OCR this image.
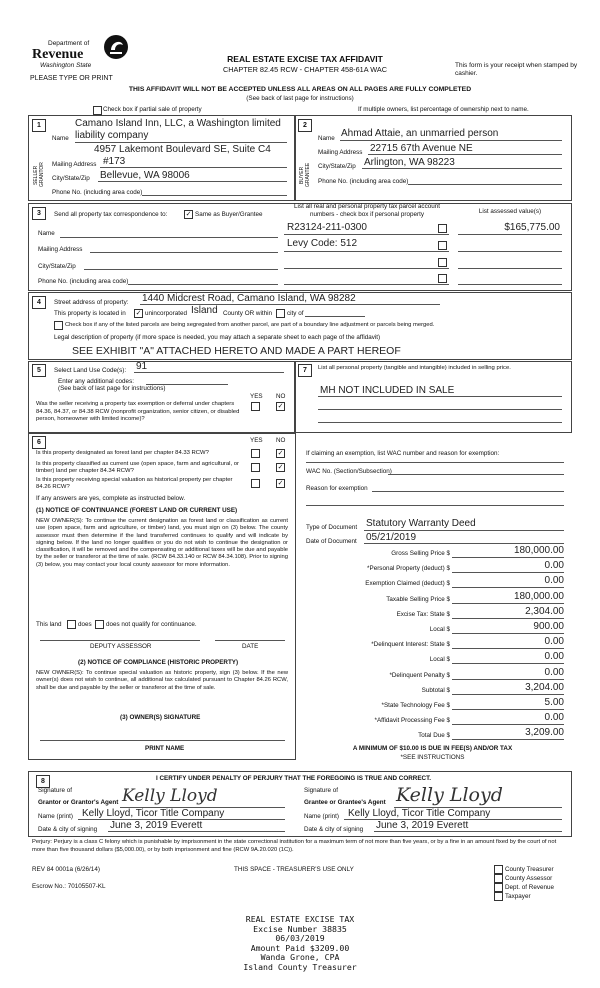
Department of
Revenue
Washington State
PLEASE TYPE OR PRINT
REAL ESTATE EXCISE TAX AFFIDAVIT
CHAPTER 82.45 RCW - CHAPTER 458-61A WAC	This form is your receipt when stamped by cashier.
THIS AFFIDAVIT WILL NOT BE ACCEPTED UNLESS ALL AREAS ON ALL PAGES ARE FULLY COMPLETED
(See back of last page for instructions)
Check box if partial sale of property	If multiple owners, list percentage of ownership next to name.
1	2
SELLER GRANTOR
Name
Camano Island Inn, LLC, a Washington limited
liability company
4957 Lakemont Boulevard SE, Suite C4
Mailing Address #173
City/State/Zip Bellevue, WA 98006
Phone No. (including area code)
BUYER GRANTEE
Name Ahmad Attaie, an unmarried person
Mailing Address 22715 67th Avenue NE
City/State/Zip Arlington, WA 98223
Phone No. (including area code)
3	Send all property tax correspondence to:	✓ Same as Buyer/Grantee
Name
Mailing Address
City/State/Zip
Phone No. (including area code)
List all real and personal property tax parcel account numbers - check box if personal property	List assessed value(s)
R23124-211-0300	$165,775.00
Levy Code: 512
4	Street address of property: 1440 Midcrest Road, Camano Island, WA 98282
This property is located in ✓ unincorporated Island County OR within city of
Check box if any of the listed parcels are being segregated from another parcel, are part of a boundary line adjustment or parcels being merged.
Legal description of property (if more space is needed, you may attach a separate sheet to each page of the affidavit)
SEE EXHIBIT "A" ATTACHED HERETO AND MADE A PART HEREOF
5	Select Land Use Code(s): 91
Enter any additional codes:
(See back of last page for instructions)
YES NO
Was the seller receiving a property tax exemption or deferral under chapters 84.36, 84.37, or 84.38 RCW (nonprofit organization, senior citizen, or disabled person, homeowner with limited income)?
✓
7	List all personal property (tangible and intangible) included in selling price.
MH NOT INCLUDED IN SALE
6	YES NO
Is this property designated as forest land per chapter 84.33 RCW?	✓
Is this property classified as current use (open space, farm and agricultural, or timber) land per chapter 84.34 RCW?
✓
Is this property receiving special valuation as historical property per chapter 84.26 RCW?
✓
If any answers are yes, complete as instructed below.
(1) NOTICE OF CONTINUANCE (FOREST LAND OR CURRENT USE)
NEW OWNER(S): To continue the current designation as forest land or classification as current use (open space, farm and agriculture, or timber) land, you must sign on (3) below. The county assessor must then determine if the land transferred continues to qualify and will indicate by signing below. If the land no longer qualifies or you do not wish to continue the designation or classification, it will be removed and the compensating or additional taxes will be due and payable by the seller or transferor at the time of sale. (RCW 84.33.140 or RCW 84.34.108). Prior to signing (3) below, you may contact your local county assessor for more information.
This land	does does not qualify for continuance.
DEPUTY ASSESSOR	DATE
(2) NOTICE OF COMPLIANCE (HISTORIC PROPERTY)
NEW OWNER(S): To continue special valuation as historic property, sign (3) below. If the new owner(s) does not wish to continue, all additional tax calculated pursuant to Chapter 84.26 RCW, shall be due and payable by the seller or transferor at the time of sale.
(3) OWNER(S) SIGNATURE
PRINT NAME
If claiming an exemption, list WAC number and reason for exemption:
WAC No. (Section/Subsection)
Reason for exemption
Type of Document Statutory Warranty Deed
Date of Document 05/21/2019
Gross Selling Price $	180,000.00
*Personal Property (deduct) $	0.00
Exemption Claimed (deduct) $	0.00
Taxable Selling Price $	180,000.00
Excise Tax: State $	2,304.00
Local $	900.00
*Delinquent Interest: State $	0.00
Local $	0.00
*Delinquent Penalty $	0.00
Subtotal $	3,204.00
*State Technology Fee $	5.00
*Affidavit Processing Fee $	0.00
Total Due $	3,209.00
A MINIMUM OF $10.00 IS DUE IN FEE(S) AND/OR TAX
*SEE INSTRUCTIONS
8	I CERTIFY UNDER PENALTY OF PERJURY THAT THE FOREGOING IS TRUE AND CORRECT.
Signature of
Grantor or Grantor's Agent Kelly Lloyd
Name (print) Kelly Lloyd, Ticor Title Company
Date & city of signing June 3, 2019 Everett
Signature of
Grantee or Grantee's Agent Kelly Lloyd
Name (print) Kelly Lloyd, Ticor Title Company
Date & city of signing June 3, 2019 Everett
Perjury: Perjury is a class C felony which is punishable by imprisonment in the state correctional institution for a maximum term of not more than five years, or by a fine in an amount fixed by the court of not more than five thousand dollars ($5,000.00), or by both imprisonment and fine (RCW 9A.20.020 (1C)).
REV 84 0001a (6/26/14)	THIS SPACE - TREASURER'S USE ONLY
Escrow No.: 70105507-KL
County Treasurer
County Assessor
Dept. of Revenue
Taxpayer
REAL ESTATE EXCISE TAX
Excise Number 38835
06/03/2019
Amount Paid $3209.00
Wanda Grone, CPA
Island County Treasurer
